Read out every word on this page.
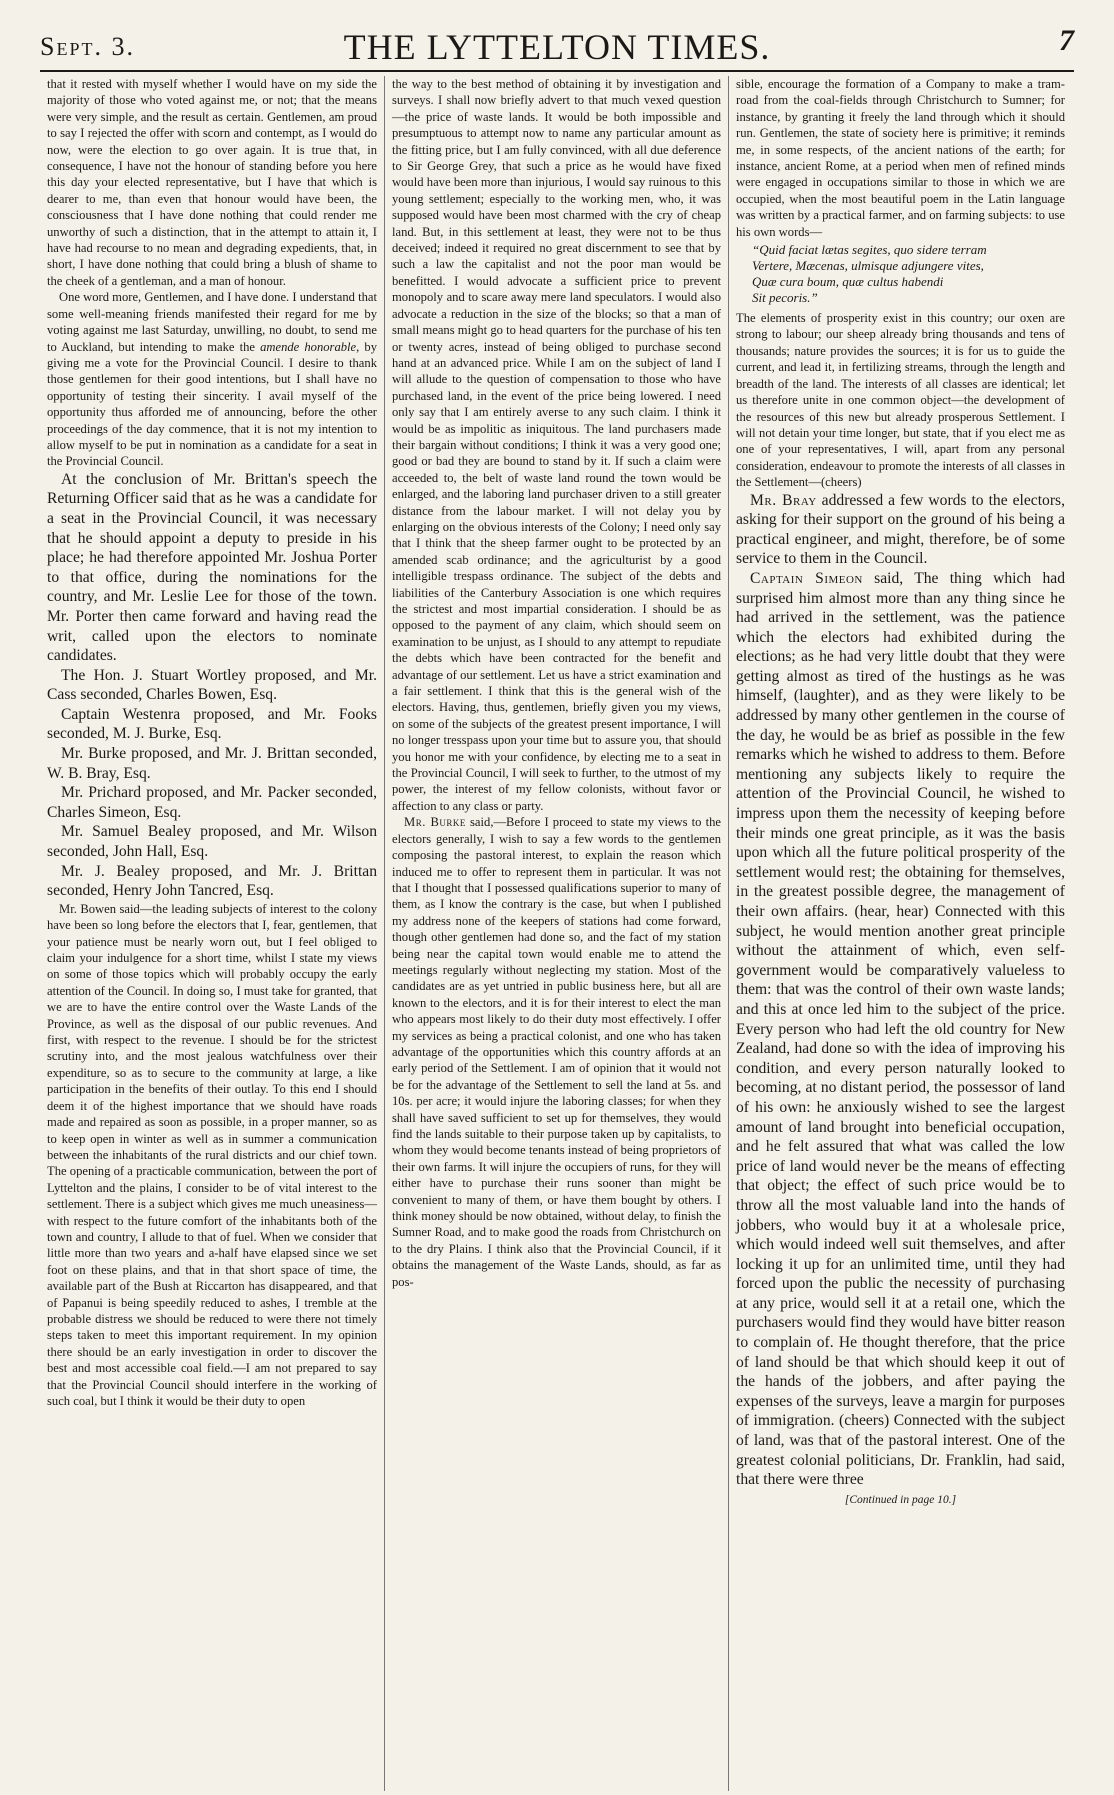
Sept. 3.	THE LYTTELTON TIMES.	7

that it rested with myself whether I would have on my side the majority of those who voted against me, or not; that the means were very simple, and the result as certain. Gentlemen, am proud to say I rejected the offer with scorn and contempt, as I would do now, were the election to go over again. It is true that, in consequence, I have not the honour of standing before you here this day your elected representative, but I have that which is dearer to me, than even that honour would have been, the consciousness that I have done nothing that could render me unworthy of such a distinction, that in the attempt to attain it, I have had recourse to no mean and degrading expedients, that, in short, I have done nothing that could bring a blush of shame to the cheek of a gentleman, and a man of honour.

One word more, Gentlemen, and I have done. I understand that some well-meaning friends manifested their regard for me by voting against me last Saturday, unwilling, no doubt, to send me to Auckland, but intending to make the amende honorable, by giving me a vote for the Provincial Council. I desire to thank those gentlemen for their good intentions, but I shall have no opportunity of testing their sincerity. I avail myself of the opportunity thus afforded me of announcing, before the other proceedings of the day commence, that it is not my intention to allow myself to be put in nomination as a candidate for a seat in the Provincial Council.

At the conclusion of Mr. Brittan's speech the Returning Officer said that as he was a candidate for a seat in the Provincial Council, it was necessary that he should appoint a deputy to preside in his place; he had therefore appointed Mr. Joshua Porter to that office, during the nominations for the country, and Mr. Leslie Lee for those of the town. Mr. Porter then came forward and having read the writ, called upon the electors to nominate candidates.

The Hon. J. Stuart Wortley proposed, and Mr. Cass seconded, Charles Bowen, Esq.

Captain Westenra proposed, and Mr. Fooks seconded, M. J. Burke, Esq.

Mr. Burke proposed, and Mr. J. Brittan seconded, W. B. Bray, Esq.

Mr. Prichard proposed, and Mr. Packer seconded, Charles Simeon, Esq.

Mr. Samuel Bealey proposed, and Mr. Wilson seconded, John Hall, Esq.

Mr. J. Bealey proposed, and Mr. J. Brittan seconded, Henry John Tancred, Esq.

Mr. Bowen said—the leading subjects of interest to the colony have been so long before the electors that I, fear, gentlemen, that your patience must be nearly worn out, but I feel obliged to claim your indulgence for a short time, whilst I state my views on some of those topics which will probably occupy the early attention of the Council. In doing so, I must take for granted, that we are to have the entire control over the Waste Lands of the Province, as well as the disposal of our public revenues. And first, with respect to the revenue. I should be for the strictest scrutiny into, and the most jealous watchfulness over their expenditure, so as to secure to the community at large, a like participation in the benefits of their outlay. To this end I should deem it of the highest importance that we should have roads made and repaired as soon as possible, in a proper manner, so as to keep open in winter as well as in summer a communication between the inhabitants of the rural districts and our chief town. The opening of a practicable communication, between the port of Lyttelton and the plains, I consider to be of vital interest to the settlement. There is a subject which gives me much uneasiness—with respect to the future comfort of the inhabitants both of the town and country, I allude to that of fuel. When we consider that little more than two years and a-half have elapsed since we set foot on these plains, and that in that short space of time, the available part of the Bush at Riccarton has disappeared, and that of Papanui is being speedily reduced to ashes, I tremble at the probable distress we should be reduced to were there not timely steps taken to meet this important requirement. In my opinion there should be an early investigation in order to discover the best and most accessible coal field.—I am not prepared to say that the Provincial Council should interfere in the working of such coal, but I think it would be their duty to open

the way to the best method of obtaining it by investigation and surveys. I shall now briefly advert to that much vexed question—the price of waste lands. It would be both impossible and presumptuous to attempt now to name any particular amount as the fitting price, but I am fully convinced, with all due deference to Sir George Grey, that such a price as he would have fixed would have been more than injurious, I would say ruinous to this young settlement; especially to the working men, who, it was supposed would have been most charmed with the cry of cheap land. But, in this settlement at least, they were not to be thus deceived; indeed it required no great discernment to see that by such a law the capitalist and not the poor man would be benefitted. I would advocate a sufficient price to prevent monopoly and to scare away mere land speculators. I would also advocate a reduction in the size of the blocks; so that a man of small means might go to head quarters for the purchase of his ten or twenty acres, instead of being obliged to purchase second hand at an advanced price. While I am on the subject of land I will allude to the question of compensation to those who have purchased land, in the event of the price being lowered. I need only say that I am entirely averse to any such claim. I think it would be as impolitic as iniquitous. The land purchasers made their bargain without conditions; I think it was a very good one; good or bad they are bound to stand by it. If such a claim were acceeded to, the belt of waste land round the town would be enlarged, and the laboring land purchaser driven to a still greater distance from the labour market. I will not delay you by enlarging on the obvious interests of the Colony; I need only say that I think that the sheep farmer ought to be protected by an amended scab ordinance; and the agriculturist by a good intelligible trespass ordinance. The subject of the debts and liabilities of the Canterbury Association is one which requires the strictest and most impartial consideration. I should be as opposed to the payment of any claim, which should seem on examination to be unjust, as I should to any attempt to repudiate the debts which have been contracted for the benefit and advantage of our settlement. Let us have a strict examination and a fair settlement. I think that this is the general wish of the electors. Having, thus, gentlemen, briefly given you my views, on some of the subjects of the greatest present importance, I will no longer tresspass upon your time but to assure you, that should you honor me with your confidence, by electing me to a seat in the Provincial Council, I will seek to further, to the utmost of my power, the interest of my fellow colonists, without favor or affection to any class or party.

Mr. Burke said,—Before I proceed to state my views to the electors generally, I wish to say a few words to the gentlemen composing the pastoral interest, to explain the reason which induced me to offer to represent them in particular. It was not that I thought that I possessed qualifications superior to many of them, as I know the contrary is the case, but when I published my address none of the keepers of stations had come forward, though other gentlemen had done so, and the fact of my station being near the capital town would enable me to attend the meetings regularly without neglecting my station. Most of the candidates are as yet untried in public business here, but all are known to the electors, and it is for their interest to elect the man who appears most likely to do their duty most effectively. I offer my services as being a practical colonist, and one who has taken advantage of the opportunities which this country affords at an early period of the Settlement. I am of opinion that it would not be for the advantage of the Settlement to sell the land at 5s. and 10s. per acre; it would injure the laboring classes; for when they shall have saved sufficient to set up for themselves, they would find the lands suitable to their purpose taken up by capitalists, to whom they would become tenants instead of being proprietors of their own farms. It will injure the occupiers of runs, for they will either have to purchase their runs sooner than might be convenient to many of them, or have them bought by others. I think money should be now obtained, without delay, to finish the Sumner Road, and to make good the roads from Christchurch on to the dry Plains. I think also that the Provincial Council, if it obtains the management of the Waste Lands, should, as far as pos-

sible, encourage the formation of a Company to make a tram-road from the coal-fields through Christchurch to Sumner; for instance, by granting it freely the land through which it should run. Gentlemen, the state of society here is primitive; it reminds me, in some respects, of the ancient nations of the earth; for instance, ancient Rome, at a period when men of refined minds were engaged in occupations similar to those in which we are occupied, when the most beautiful poem in the Latin language was written by a practical farmer, and on farming subjects: to use his own words—

“Quid faciat lætas segites, quo sidere terram
Vertere, Mæcenas, ulmisque adjungere vites,
Quæ cura boum, quæ cultus habendi
Sit pecoris.”

The elements of prosperity exist in this country; our oxen are strong to labour; our sheep already bring thousands and tens of thousands; nature provides the sources; it is for us to guide the current, and lead it, in fertilizing streams, through the length and breadth of the land. The interests of all classes are identical; let us therefore unite in one common object—the development of the resources of this new but already prosperous Settlement. I will not detain your time longer, but state, that if you elect me as one of your representatives, I will, apart from any personal consideration, endeavour to promote the interests of all classes in the Settlement—(cheers)

Mr. Bray addressed a few words to the electors, asking for their support on the ground of his being a practical engineer, and might, therefore, be of some service to them in the Council.

Captain Simeon said, The thing which had surprised him almost more than any thing since he had arrived in the settlement, was the patience which the electors had exhibited during the elections; as he had very little doubt that they were getting almost as tired of the hustings as he was himself, (laughter), and as they were likely to be addressed by many other gentlemen in the course of the day, he would be as brief as possible in the few remarks which he wished to address to them. Before mentioning any subjects likely to require the attention of the Provincial Council, he wished to impress upon them the necessity of keeping before their minds one great principle, as it was the basis upon which all the future political prosperity of the settlement would rest; the obtaining for themselves, in the greatest possible degree, the management of their own affairs. (hear, hear) Connected with this subject, he would mention another great principle without the attainment of which, even self-government would be comparatively valueless to them: that was the control of their own waste lands; and this at once led him to the subject of the price. Every person who had left the old country for New Zealand, had done so with the idea of improving his condition, and every person naturally looked to becoming, at no distant period, the possessor of land of his own: he anxiously wished to see the largest amount of land brought into beneficial occupation, and he felt assured that what was called the low price of land would never be the means of effecting that object; the effect of such price would be to throw all the most valuable land into the hands of jobbers, who would buy it at a wholesale price, which would indeed well suit themselves, and after locking it up for an unlimited time, until they had forced upon the public the necessity of purchasing at any price, would sell it at a retail one, which the purchasers would find they would have bitter reason to complain of. He thought therefore, that the price of land should be that which should keep it out of the hands of the jobbers, and after paying the expenses of the surveys, leave a margin for purposes of immigration. (cheers) Connected with the subject of land, was that of the pastoral interest. One of the greatest colonial politicians, Dr. Franklin, had said, that there were three

[Continued in page 10.]
